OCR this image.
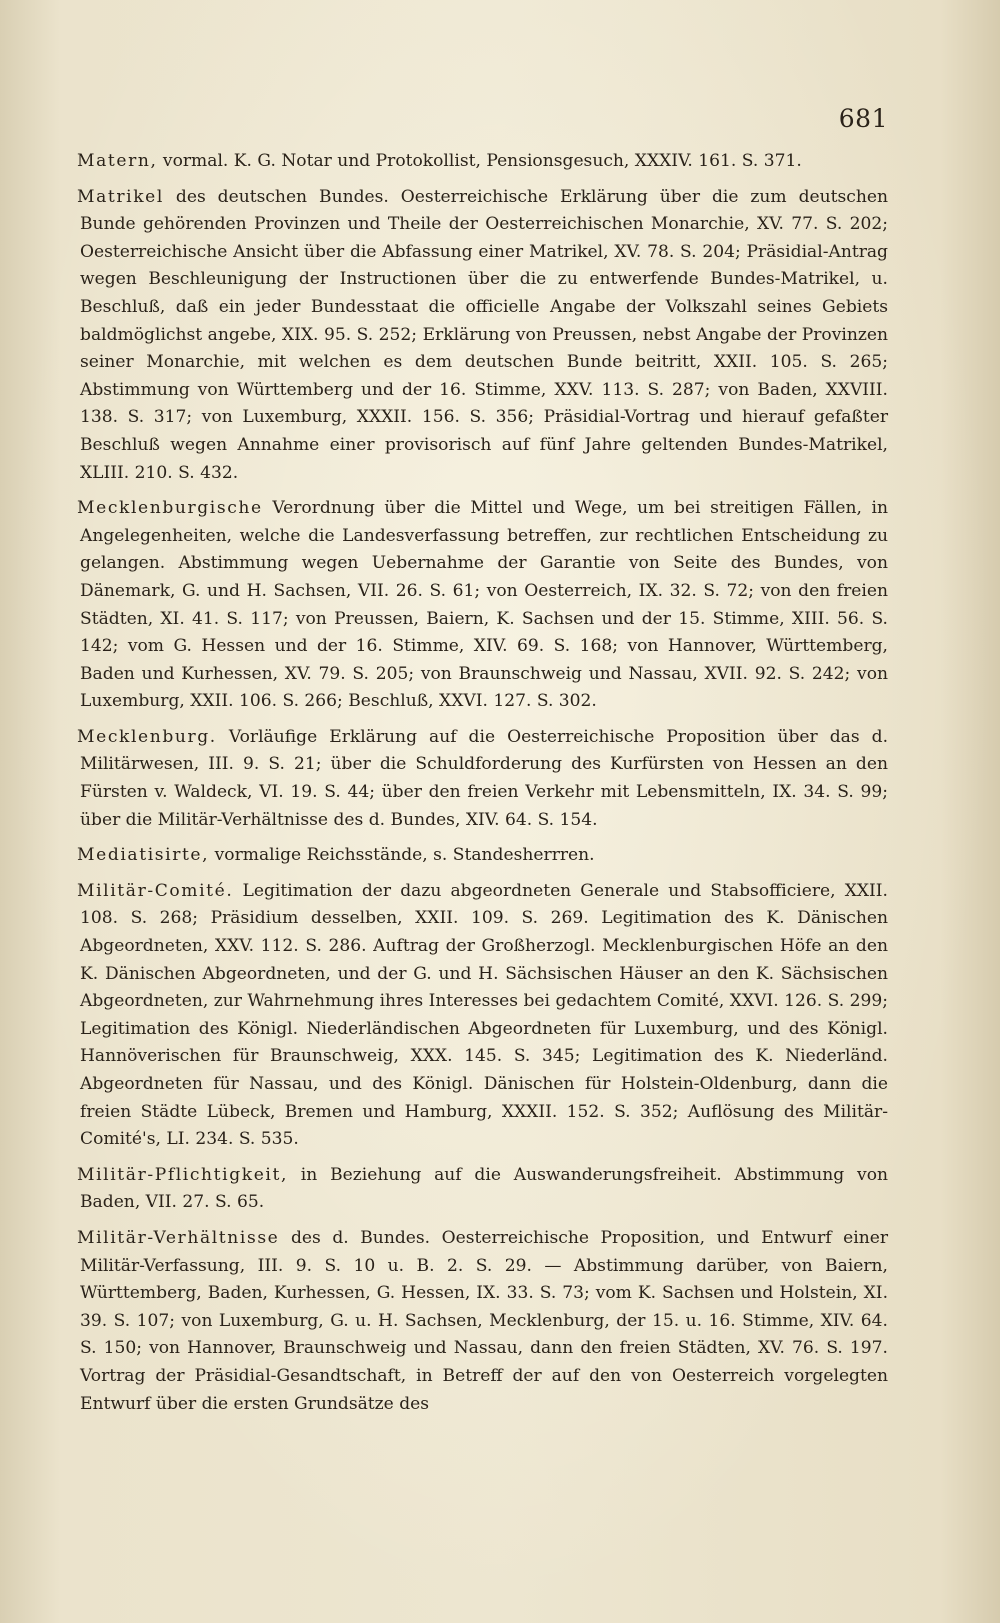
681

Matern, vormal. K. G. Notar und Protokollist, Pensionsgesuch, XXXIV. 161. S. 371.

Matrikel des deutschen Bundes. Oesterreichische Erklärung über die zum deutschen Bunde gehörenden Provinzen und Theile der Oesterreichischen Monarchie, XV. 77. S. 202; Oesterreichische Ansicht über die Abfassung einer Matrikel, XV. 78. S. 204; Präsidial-Antrag wegen Beschleunigung der Instructionen über die zu entwerfende Bundes-Matrikel, u. Beschluß, daß ein jeder Bundesstaat die officielle Angabe der Volkszahl seines Gebiets baldmöglichst angebe, XIX. 95. S. 252; Erklärung von Preussen, nebst Angabe der Provinzen seiner Monarchie, mit welchen es dem deutschen Bunde beitritt, XXII. 105. S. 265; Abstimmung von Württemberg und der 16. Stimme, XXV. 113. S. 287; von Baden, XXVIII. 138. S. 317; von Luxemburg, XXXII. 156. S. 356; Präsidial-Vortrag und hierauf gefaßter Beschluß wegen Annahme einer provisorisch auf fünf Jahre geltenden Bundes-Matrikel, XLIII. 210. S. 432.

Mecklenburgische Verordnung über die Mittel und Wege, um bei streitigen Fällen, in Angelegenheiten, welche die Landesverfassung betreffen, zur rechtlichen Entscheidung zu gelangen. Abstimmung wegen Uebernahme der Garantie von Seite des Bundes, von Dänemark, G. und H. Sachsen, VII. 26. S. 61; von Oesterreich, IX. 32. S. 72; von den freien Städten, XI. 41. S. 117; von Preussen, Baiern, K. Sachsen und der 15. Stimme, XIII. 56. S. 142; vom G. Hessen und der 16. Stimme, XIV. 69. S. 168; von Hannover, Württemberg, Baden und Kurhessen, XV. 79. S. 205; von Braunschweig und Nassau, XVII. 92. S. 242; von Luxemburg, XXII. 106. S. 266; Beschluß, XXVI. 127. S. 302.

Mecklenburg. Vorläufige Erklärung auf die Oesterreichische Proposition über das d. Militärwesen, III. 9. S. 21; über die Schuldforderung des Kurfürsten von Hessen an den Fürsten v. Waldeck, VI. 19. S. 44; über den freien Verkehr mit Lebensmitteln, IX. 34. S. 99; über die Militär-Verhältnisse des d. Bundes, XIV. 64. S. 154.

Mediatisirte, vormalige Reichsstände, s. Standesherrren.

Militär-Comité. Legitimation der dazu abgeordneten Generale und Stabsofficiere, XXII. 108. S. 268; Präsidium desselben, XXII. 109. S. 269. Legitimation des K. Dänischen Abgeordneten, XXV. 112. S. 286. Auftrag der Großherzogl. Mecklenburgischen Höfe an den K. Dänischen Abgeordneten, und der G. und H. Sächsischen Häuser an den K. Sächsischen Abgeordneten, zur Wahrnehmung ihres Interesses bei gedachtem Comité, XXVI. 126. S. 299; Legitimation des Königl. Niederländischen Abgeordneten für Luxemburg, und des Königl. Hannöverischen für Braunschweig, XXX. 145. S. 345; Legitimation des K. Niederländ. Abgeordneten für Nassau, und des Königl. Dänischen für Holstein-Oldenburg, dann die freien Städte Lübeck, Bremen und Hamburg, XXXII. 152. S. 352; Auflösung des Militär-Comité's, LI. 234. S. 535.

Militär-Pflichtigkeit, in Beziehung auf die Auswanderungsfreiheit. Abstimmung von Baden, VII. 27. S. 65.

Militär-Verhältnisse des d. Bundes. Oesterreichische Proposition, und Entwurf einer Militär-Verfassung, III. 9. S. 10 u. B. 2. S. 29. — Abstimmung darüber, von Baiern, Württemberg, Baden, Kurhessen, G. Hessen, IX. 33. S. 73; vom K. Sachsen und Holstein, XI. 39. S. 107; von Luxemburg, G. u. H. Sachsen, Mecklenburg, der 15. u. 16. Stimme, XIV. 64. S. 150; von Hannover, Braunschweig und Nassau, dann den freien Städten, XV. 76. S. 197. Vortrag der Präsidial-Gesandtschaft, in Betreff der auf den von Oesterreich vorgelegten Entwurf über die ersten Grundsätze des
